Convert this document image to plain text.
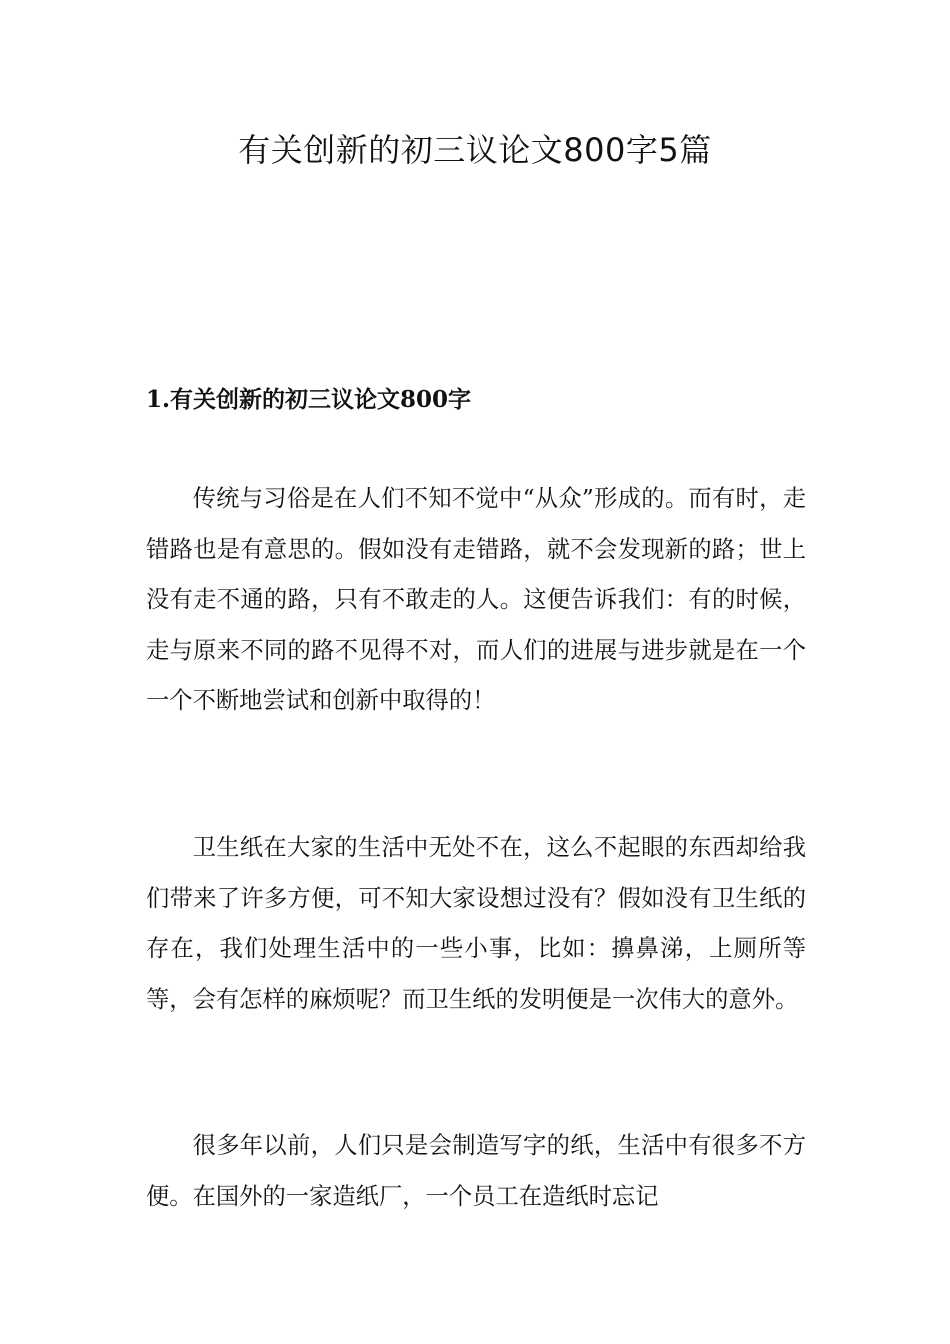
有关创新的初三议论文800字5篇
1.有关创新的初三议论文800字

传统与习俗是在人们不知不觉中“从众”形成的。而有时，走错路也是有意思的。假如没有走错路，就不会发现新的路；世上没有走不通的路，只有不敢走的人。这便告诉我们：有的时候，走与原来不同的路不见得不对，而人们的进展与进步就是在一个一个不断地尝试和创新中取得的！

卫生纸在大家的生活中无处不在，这么不起眼的东西却给我们带来了许多方便，可不知大家设想过没有？假如没有卫生纸的存在，我们处理生活中的一些小事，比如：擤鼻涕，上厕所等等，会有怎样的麻烦呢？而卫生纸的发明便是一次伟大的意外。

很多年以前，人们只是会制造写字的纸，生活中有很多不方便。在国外的一家造纸厂，一个员工在造纸时忘记
